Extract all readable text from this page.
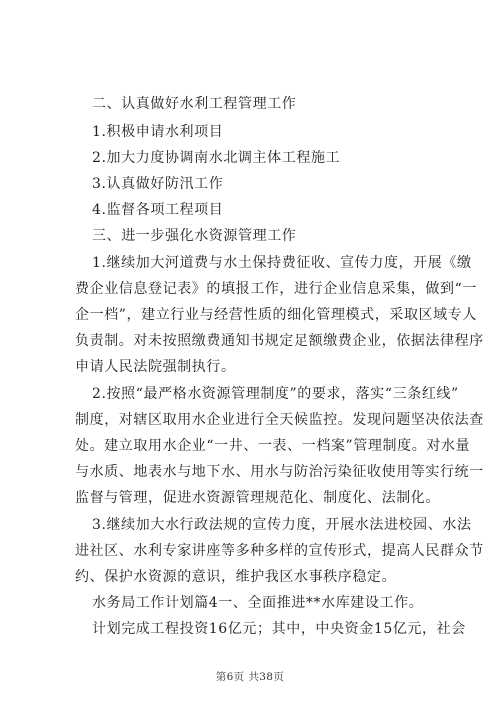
二、认真做好水利工程管理工作
1.积极申请水利项目
2.加大力度协调南水北调主体工程施工
3.认真做好防汛工作
4.监督各项工程项目
三、进一步强化水资源管理工作
1.继续加大河道费与水土保持费征收、宣传力度，开展《缴
费企业信息登记表》的填报工作，进行企业信息采集，做到“一
企一档”，建立行业与经营性质的细化管理模式，采取区域专人
负责制。对未按照缴费通知书规定足额缴费企业，依据法律程序
申请人民法院强制执行。
2.按照“最严格水资源管理制度”的要求，落实“三条红线”
制度，对辖区取用水企业进行全天候监控。发现问题坚决依法查
处。建立取用水企业“一井、一表、一档案”管理制度。对水量
与水质、地表水与地下水、用水与防治污染征收使用等实行统一
监督与管理，促进水资源管理规范化、制度化、法制化。
3.继续加大水行政法规的宣传力度，开展水法进校园、水法
进社区、水利专家讲座等多种多样的宣传形式，提高人民群众节
约、保护水资源的意识，维护我区水事秩序稳定。
水务局工作计划篇4一、全面推进**水库建设工作。
计划完成工程投资16亿元；其中，中央资金15亿元，社会
第6页 共38页
